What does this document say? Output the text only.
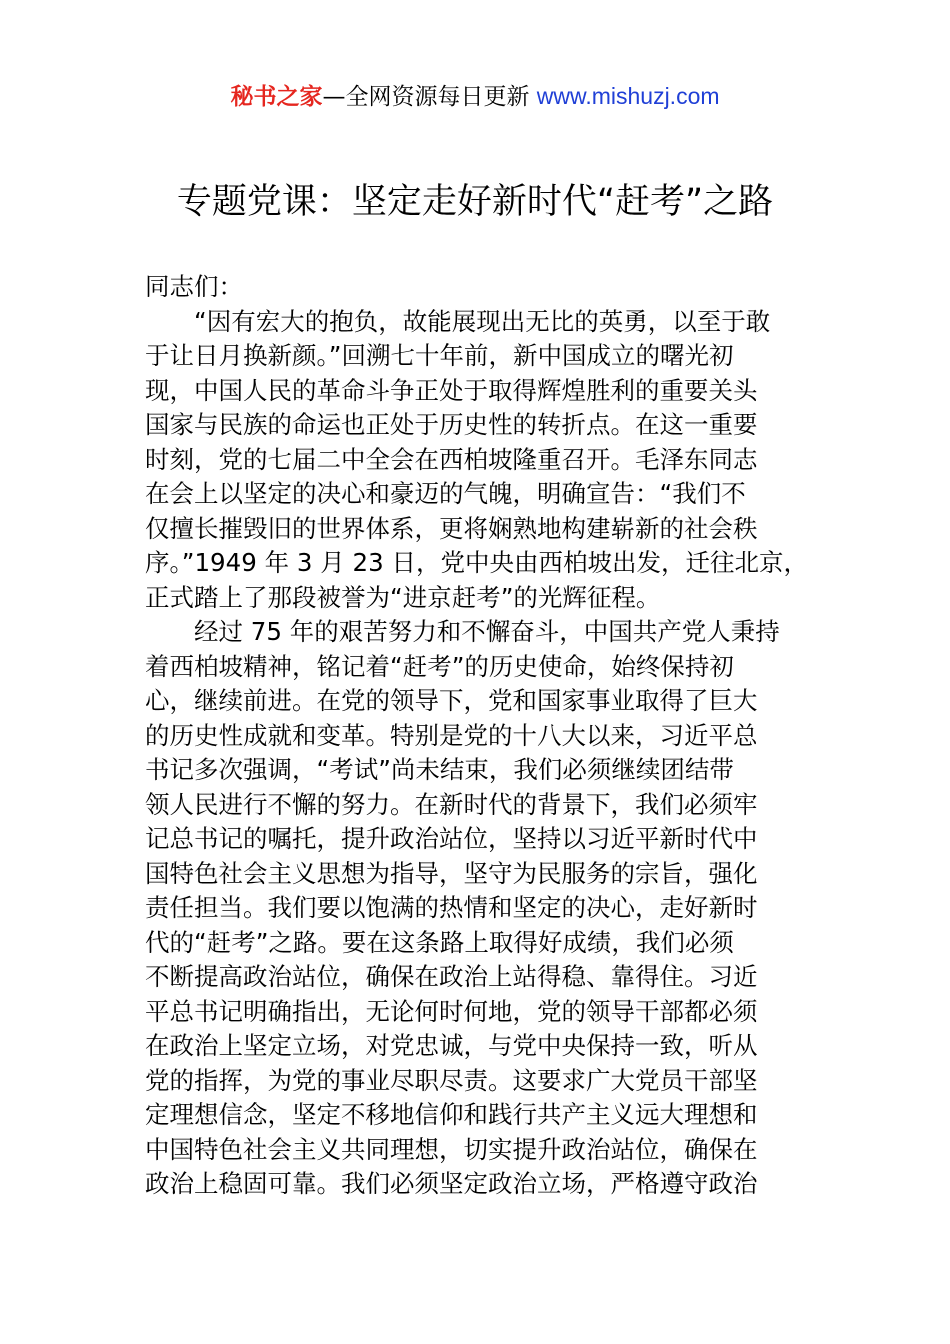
秘书之家—全网资源每日更新 www.mishuzj.com
专题党课：坚定走好新时代“赶考”之路
同志们：
　　“因有宏大的抱负，故能展现出无比的英勇，以至于敢
于让日月换新颜。”回溯七十年前，新中国成立的曙光初
现，中国人民的革命斗争正处于取得辉煌胜利的重要关头
国家与民族的命运也正处于历史性的转折点。在这一重要
时刻，党的七届二中全会在西柏坡隆重召开。毛泽东同志
在会上以坚定的决心和豪迈的气魄，明确宣告：“我们不
仅擅长摧毁旧的世界体系，更将娴熟地构建崭新的社会秩
序。”1949 年 3 月 23 日，党中央由西柏坡出发，迁往北京，
正式踏上了那段被誉为“进京赶考”的光辉征程。
　　经过 75 年的艰苦努力和不懈奋斗，中国共产党人秉持
着西柏坡精神，铭记着“赶考”的历史使命，始终保持初
心，继续前进。在党的领导下，党和国家事业取得了巨大
的历史性成就和变革。特别是党的十八大以来，习近平总
书记多次强调，“考试”尚未结束，我们必须继续团结带
领人民进行不懈的努力。在新时代的背景下，我们必须牢
记总书记的嘱托，提升政治站位，坚持以习近平新时代中
国特色社会主义思想为指导，坚守为民服务的宗旨，强化
责任担当。我们要以饱满的热情和坚定的决心，走好新时
代的“赶考”之路。要在这条路上取得好成绩，我们必须
不断提高政治站位，确保在政治上站得稳、靠得住。习近
平总书记明确指出，无论何时何地，党的领导干部都必须
在政治上坚定立场，对党忠诚，与党中央保持一致，听从
党的指挥，为党的事业尽职尽责。这要求广大党员干部坚
定理想信念，坚定不移地信仰和践行共产主义远大理想和
中国特色社会主义共同理想，切实提升政治站位，确保在
政治上稳固可靠。我们必须坚定政治立场，严格遵守政治
